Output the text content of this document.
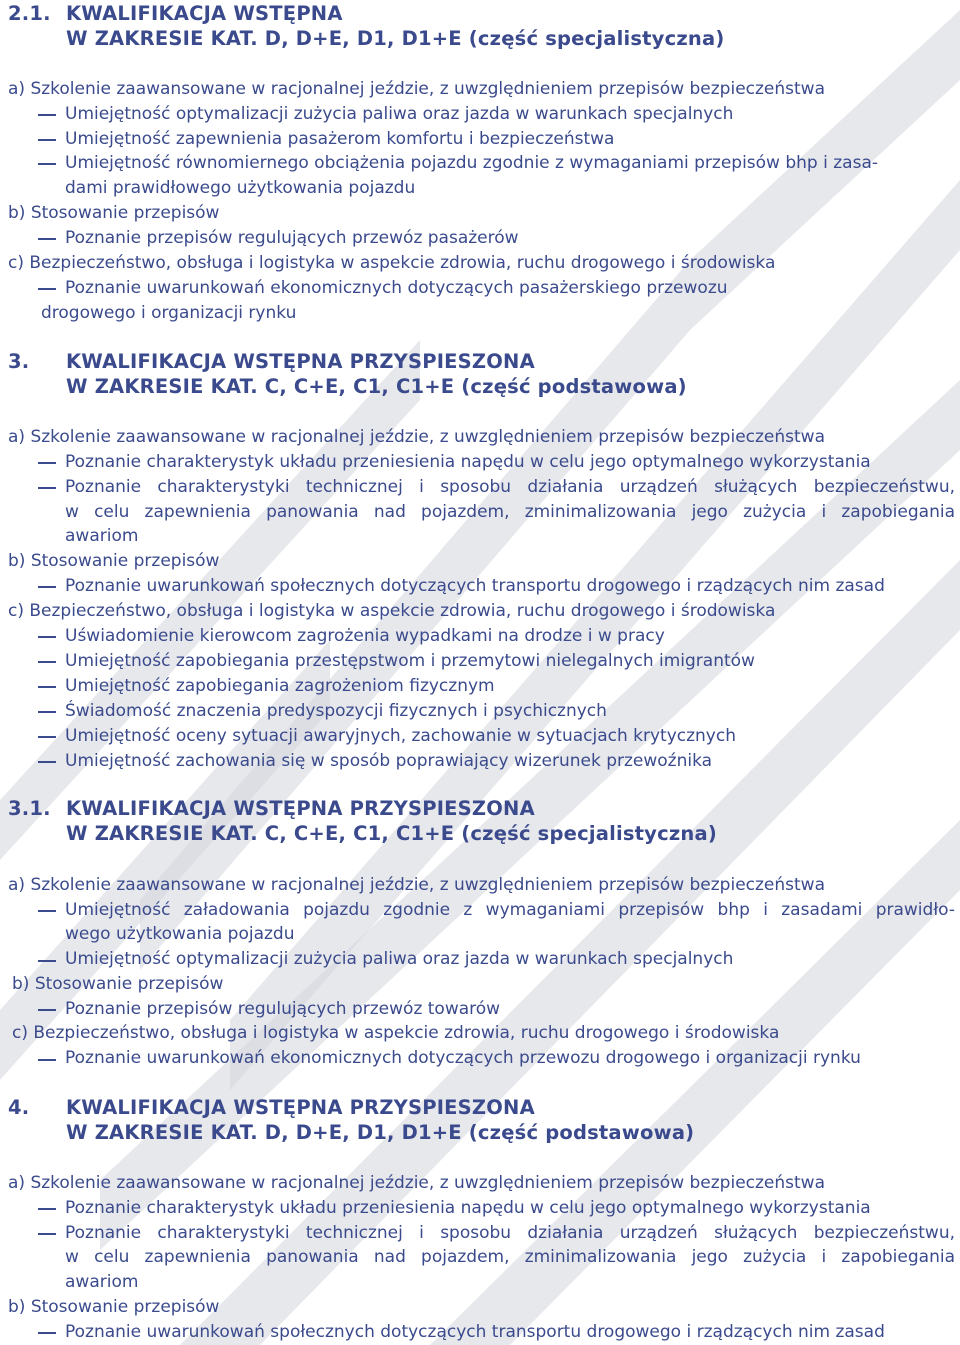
2.1. KWALIFIKACJA WSTĘPNA
W ZAKRESIE KAT. D, D+E, D1, D1+E (część specjalistyczna)
a) Szkolenie zaawansowane w racjonalnej jeździe, z uwzględnieniem przepisów bezpieczeństwa
Umiejętność optymalizacji zużycia paliwa oraz jazda w warunkach specjalnych
Umiejętność zapewnienia pasażerom komfortu i bezpieczeństwa
Umiejętność równomiernego obciążenia pojazdu zgodnie z wymaganiami przepisów bhp i zasa-
dami prawidłowego użytkowania pojazdu
b) Stosowanie przepisów
Poznanie przepisów regulujących przewóz pasażerów
c) Bezpieczeństwo, obsługa i logistyka w aspekcie zdrowia, ruchu drogowego i środowiska
Poznanie uwarunkowań ekonomicznych dotyczących pasażerskiego przewozu
drogowego i organizacji rynku
3. KWALIFIKACJA WSTĘPNA PRZYSPIESZONA
W ZAKRESIE KAT. C, C+E, C1, C1+E (część podstawowa)
a) Szkolenie zaawansowane w racjonalnej jeździe, z uwzględnieniem przepisów bezpieczeństwa
Poznanie charakterystyk układu przeniesienia napędu w celu jego optymalnego wykorzystania
Poznanie charakterystyki technicznej i sposobu działania urządzeń służących bezpieczeństwu,
w celu zapewnienia panowania nad pojazdem, zminimalizowania jego zużycia i zapobiegania
awariom
b) Stosowanie przepisów
Poznanie uwarunkowań społecznych dotyczących transportu drogowego i rządzących nim zasad
c) Bezpieczeństwo, obsługa i logistyka w aspekcie zdrowia, ruchu drogowego i środowiska
Uświadomienie kierowcom zagrożenia wypadkami na drodze i w pracy
Umiejętność zapobiegania przestępstwom i przemytowi nielegalnych imigrantów
Umiejętność zapobiegania zagrożeniom fizycznym
Świadomość znaczenia predyspozycji fizycznych i psychicznych
Umiejętność oceny sytuacji awaryjnych, zachowanie w sytuacjach krytycznych
Umiejętność zachowania się w sposób poprawiający wizerunek przewoźnika
3.1. KWALIFIKACJA WSTĘPNA PRZYSPIESZONA
W ZAKRESIE KAT. C, C+E, C1, C1+E (część specjalistyczna)
a) Szkolenie zaawansowane w racjonalnej jeździe, z uwzględnieniem przepisów bezpieczeństwa
Umiejętność załadowania pojazdu zgodnie z wymaganiami przepisów bhp i zasadami prawidło-
wego użytkowania pojazdu
Umiejętność optymalizacji zużycia paliwa oraz jazda w warunkach specjalnych
b) Stosowanie przepisów
Poznanie przepisów regulujących przewóz towarów
c) Bezpieczeństwo, obsługa i logistyka w aspekcie zdrowia, ruchu drogowego i środowiska
Poznanie uwarunkowań ekonomicznych dotyczących przewozu drogowego i organizacji rynku
4. KWALIFIKACJA WSTĘPNA PRZYSPIESZONA
W ZAKRESIE KAT. D, D+E, D1, D1+E (część podstawowa)
a) Szkolenie zaawansowane w racjonalnej jeździe, z uwzględnieniem przepisów bezpieczeństwa
Poznanie charakterystyk układu przeniesienia napędu w celu jego optymalnego wykorzystania
Poznanie charakterystyki technicznej i sposobu działania urządzeń służących bezpieczeństwu,
w celu zapewnienia panowania nad pojazdem, zminimalizowania jego zużycia i zapobiegania
awariom
b) Stosowanie przepisów
Poznanie uwarunkowań społecznych dotyczących transportu drogowego i rządzących nim zasad
